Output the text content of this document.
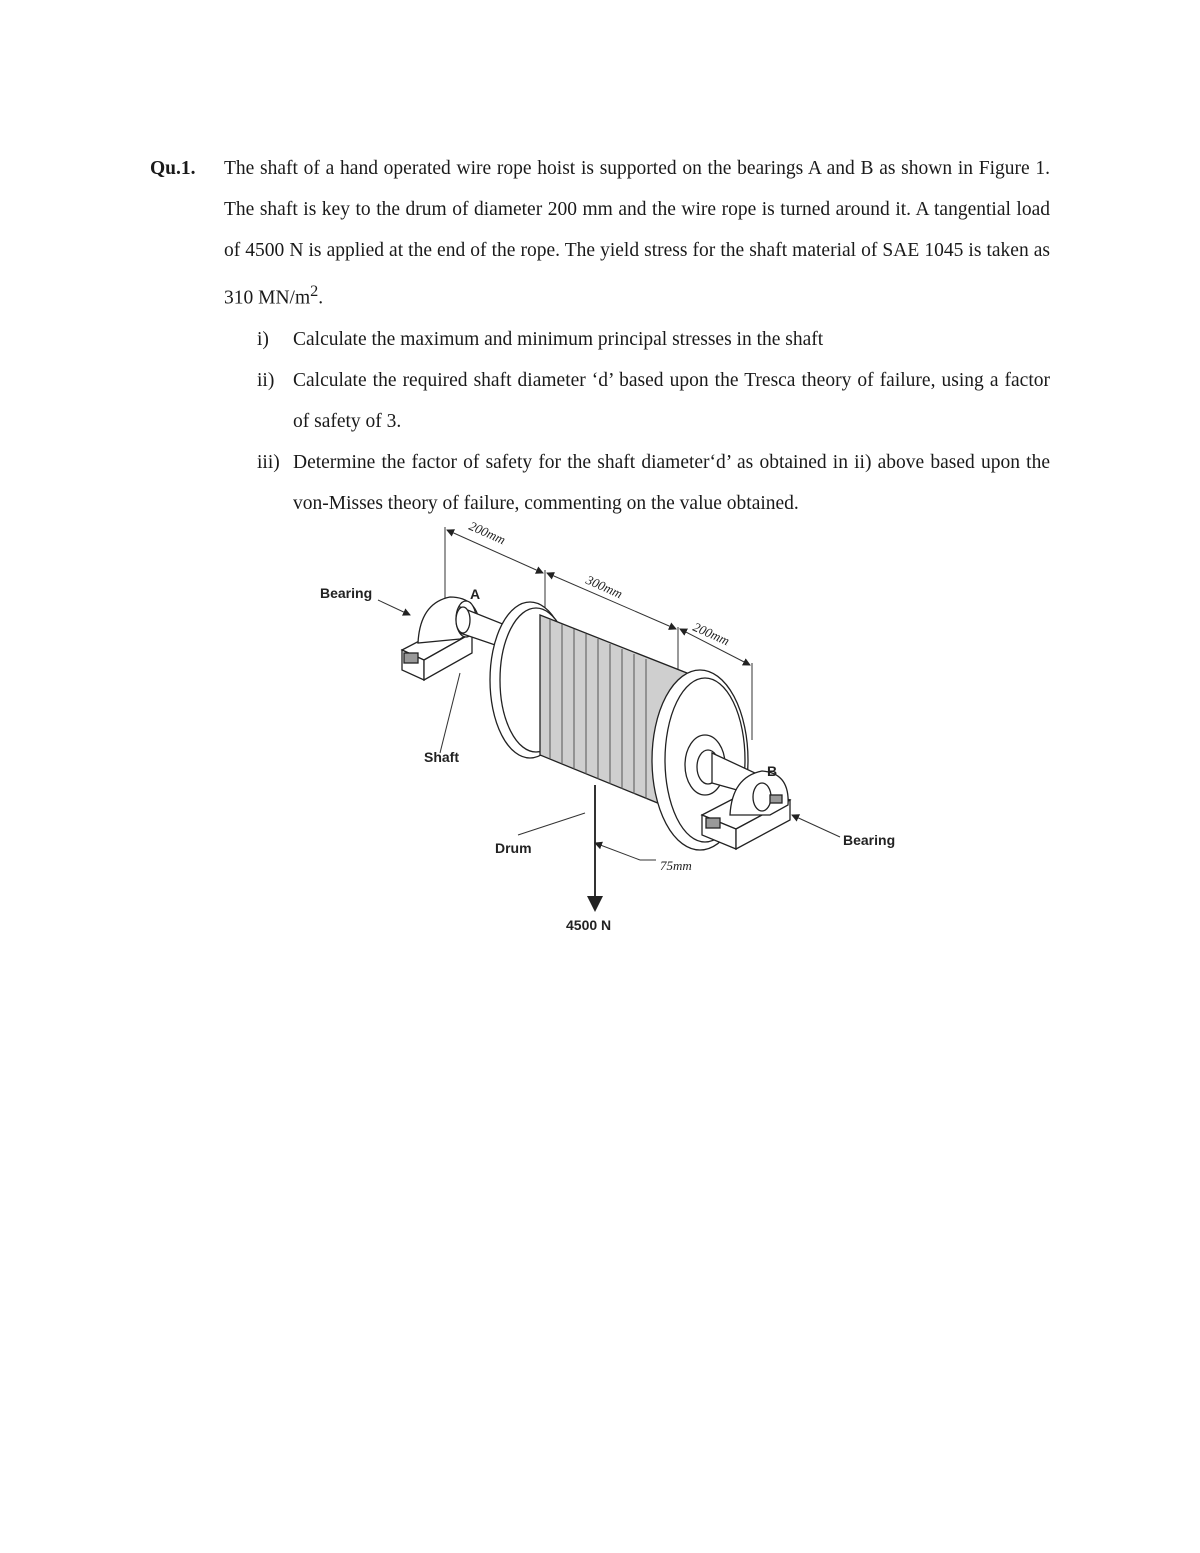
Qu.1. The shaft of a hand operated wire rope hoist is supported on the bearings A and B as shown in Figure 1. The shaft is key to the drum of diameter 200 mm and the wire rope is turned around it. A tangential load of 4500 N is applied at the end of the rope. The yield stress for the shaft material of SAE 1045 is taken as 310 $MN/m^2$.
i) Calculate the maximum and minimum principal stresses in the shaft
ii) Calculate the required shaft diameter ‘d’ based upon the Tresca theory of failure, using a factor of safety of 3.
iii) Determine the factor of safety for the shaft diameter‘d’ as obtained in ii) above based upon the von-Misses theory of failure, commenting on the value obtained.
Bearing	A
Shaft
Drum
4500 N
B
Bearing
200mm
300mm
200mm
75mm
